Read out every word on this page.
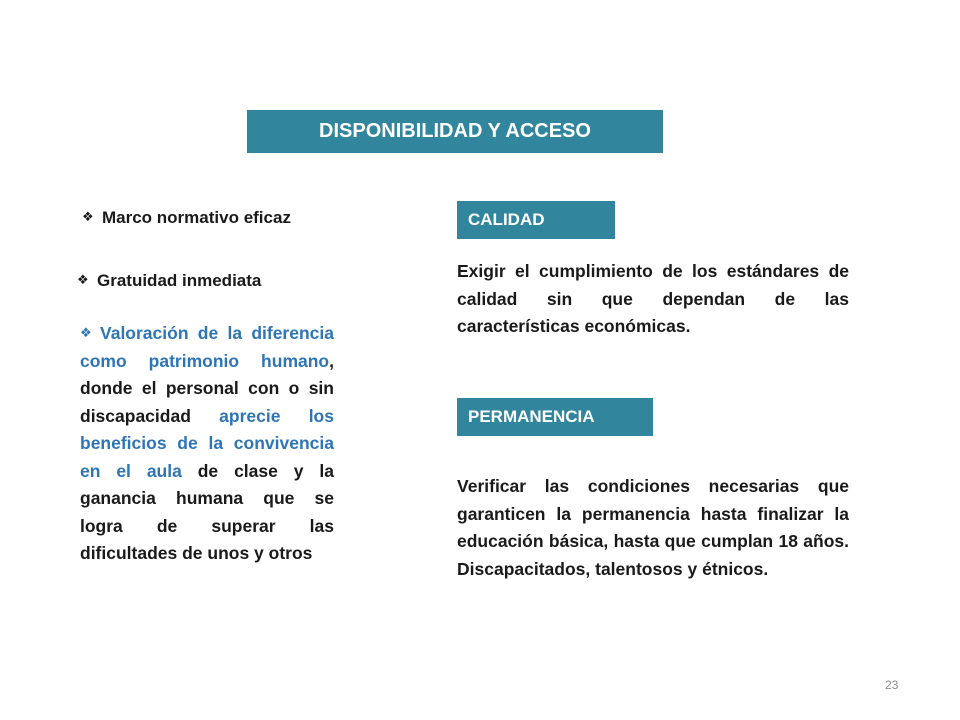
DISPONIBILIDAD Y ACCESO
❖ Marco normativo eficaz
❖ Gratuidad inmediata
❖ Valoración de la diferencia como patrimonio humano, donde el personal con o sin discapacidad aprecie los beneficios de la convivencia en el aula de clase y la ganancia humana que se logra de superar las dificultades de unos y otros
CALIDAD
Exigir el cumplimiento de los estándares de calidad sin que dependan de las características económicas.
PERMANENCIA
Verificar las condiciones necesarias que garanticen la permanencia hasta finalizar la educación básica, hasta que cumplan 18 años. Discapacitados, talentosos y étnicos.
23
